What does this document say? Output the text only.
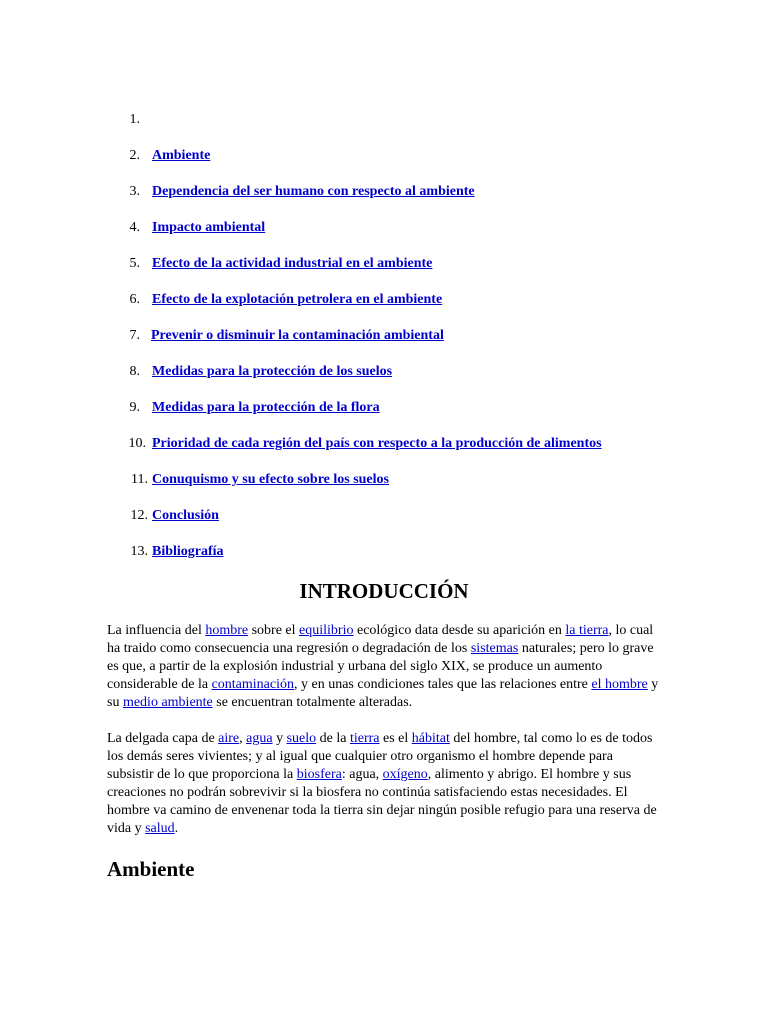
1.
2. Ambiente
3. Dependencia del ser humano con respecto al ambiente
4. Impacto ambiental
5. Efecto de la actividad industrial en el ambiente
6. Efecto de la explotación petrolera en el ambiente
7. Prevenir o disminuir la contaminación ambiental
8. Medidas para la protección de los suelos
9. Medidas para la protección de la flora
10. Prioridad de cada región del país con respecto a la producción de alimentos
11. Conuquismo y su efecto sobre los suelos
12. Conclusión
13. Bibliografía
INTRODUCCIÓN

La influencia del hombre sobre el equilibrio ecológico data desde su aparición en la tierra, lo cual ha traido como consecuencia una regresión o degradación de los sistemas naturales; pero lo grave es que, a partir de la explosión industrial y urbana del siglo XIX, se produce un aumento considerable de la contaminación, y en unas condiciones tales que las relaciones entre el hombre y su medio ambiente se encuentran totalmente alteradas.

La delgada capa de aire, agua y suelo de la tierra es el hábitat del hombre, tal como lo es de todos los demás seres vivientes; y al igual que cualquier otro organismo el hombre depende para subsistir de lo que proporciona la biosfera: agua, oxígeno, alimento y abrigo. El hombre y sus creaciones no podrán sobrevivir si la biosfera no continúa satisfaciendo estas necesidades. El hombre va camino de envenenar toda la tierra sin dejar ningún posible refugio para una reserva de vida y salud.

Ambiente
